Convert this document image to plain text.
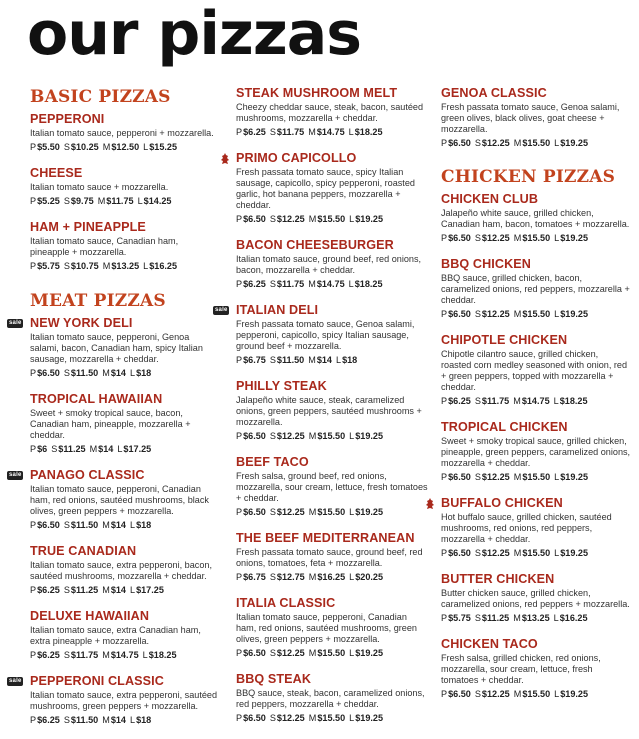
our pizzas
BASIC PIZZAS
PEPPERONI
Italian tomato sauce, pepperoni + mozzarella.
P$5.50 S$10.25 M$12.50 L$15.25
CHEESE
Italian tomato sauce + mozzarella.
P$5.25 S$9.75 M$11.75 L$14.25
HAM + PINEAPPLE
Italian tomato sauce, Canadian ham, pineapple + mozzarella.
P$5.75 S$10.75 M$13.25 L$16.25
MEAT PIZZAS
sale NEW YORK DELI
Italian tomato sauce, pepperoni, Genoa salami, bacon, Canadian ham, spicy Italian sausage, mozzarella + cheddar.
P$6.50 S$11.50 M$14 L$18
TROPICAL HAWAIIAN
Sweet + smoky tropical sauce, bacon, Canadian ham, pineapple, mozzarella + cheddar.
P$6 S$11.25 M$14 L$17.25
sale PANAGO CLASSIC
Italian tomato sauce, pepperoni, Canadian ham, red onions, sautéed mushrooms, black olives, green peppers + mozzarella.
P$6.50 S$11.50 M$14 L$18
TRUE CANADIAN
Italian tomato sauce, extra pepperoni, bacon, sautéed mushrooms, mozzarella + cheddar.
P$6.25 S$11.25 M$14 L$17.25
DELUXE HAWAIIAN
Italian tomato sauce, extra Canadian ham, extra pineapple + mozzarella.
P$6.25 S$11.75 M$14.75 L$18.25
sale PEPPERONI CLASSIC
Italian tomato sauce, extra pepperoni, sautéed mushrooms, green peppers + mozzarella.
P$6.25 S$11.50 M$14 L$18
STEAK MUSHROOM MELT
Cheezy cheddar sauce, steak, bacon, sautéed mushrooms, mozzarella + cheddar.
P$6.25 S$11.75 M$14.75 L$18.25
PRIMO CAPICOLLO
Fresh passata tomato sauce, spicy Italian sausage, capicollo, spicy pepperoni, roasted garlic, hot banana peppers, mozzarella + cheddar.
P$6.50 S$12.25 M$15.50 L$19.25
BACON CHEESEBURGER
Italian tomato sauce, ground beef, red onions, bacon, mozzarella + cheddar.
P$6.25 S$11.75 M$14.75 L$18.25
sale ITALIAN DELI
Fresh passata tomato sauce, Genoa salami, pepperoni, capicollo, spicy Italian sausage, ground beef + mozzarella.
P$6.75 S$11.50 M$14 L$18
PHILLY STEAK
Jalapeño white sauce, steak, caramelized onions, green peppers, sautéed mushrooms + mozzarella.
P$6.50 S$12.25 M$15.50 L$19.25
BEEF TACO
Fresh salsa, ground beef, red onions, mozzarella, sour cream, lettuce, fresh tomatoes + cheddar.
P$6.50 S$12.25 M$15.50 L$19.25
THE BEEF MEDITERRANEAN
Fresh passata tomato sauce, ground beef, red onions, tomatoes, feta + mozzarella.
P$6.75 S$12.75 M$16.25 L$20.25
ITALIA CLASSIC
Italian tomato sauce, pepperoni, Canadian ham, red onions, sautéed mushrooms, green olives, green peppers + mozzarella.
P$6.50 S$12.25 M$15.50 L$19.25
BBQ STEAK
BBQ sauce, steak, bacon, caramelized onions, red peppers, mozzarella + cheddar.
P$6.50 S$12.25 M$15.50 L$19.25
GENOA CLASSIC
Fresh passata tomato sauce, Genoa salami, green olives, black olives, goat cheese + mozzarella.
P$6.50 S$12.25 M$15.50 L$19.25
CHICKEN PIZZAS
CHICKEN CLUB
Jalapeño white sauce, grilled chicken, Canadian ham, bacon, tomatoes + mozzarella.
P$6.50 S$12.25 M$15.50 L$19.25
BBQ CHICKEN
BBQ sauce, grilled chicken, bacon, caramelized onions, red peppers, mozzarella + cheddar.
P$6.50 S$12.25 M$15.50 L$19.25
CHIPOTLE CHICKEN
Chipotle cilantro sauce, grilled chicken, roasted corn medley seasoned with onion, red + green peppers, topped with mozzarella + cheddar.
P$6.25 S$11.75 M$14.75 L$18.25
TROPICAL CHICKEN
Sweet + smoky tropical sauce, grilled chicken, pineapple, green peppers, caramelized onions, mozzarella + cheddar.
P$6.50 S$12.25 M$15.50 L$19.25
BUFFALO CHICKEN
Hot buffalo sauce, grilled chicken, sautéed mushrooms, red onions, red peppers, mozzarella + cheddar.
P$6.50 S$12.25 M$15.50 L$19.25
BUTTER CHICKEN
Butter chicken sauce, grilled chicken, caramelized onions, red peppers + mozzarella.
P$5.75 S$11.25 M$13.25 L$16.25
CHICKEN TACO
Fresh salsa, grilled chicken, red onions, mozzarella, sour cream, lettuce, fresh tomatoes + cheddar.
P$6.50 S$12.25 M$15.50 L$19.25
